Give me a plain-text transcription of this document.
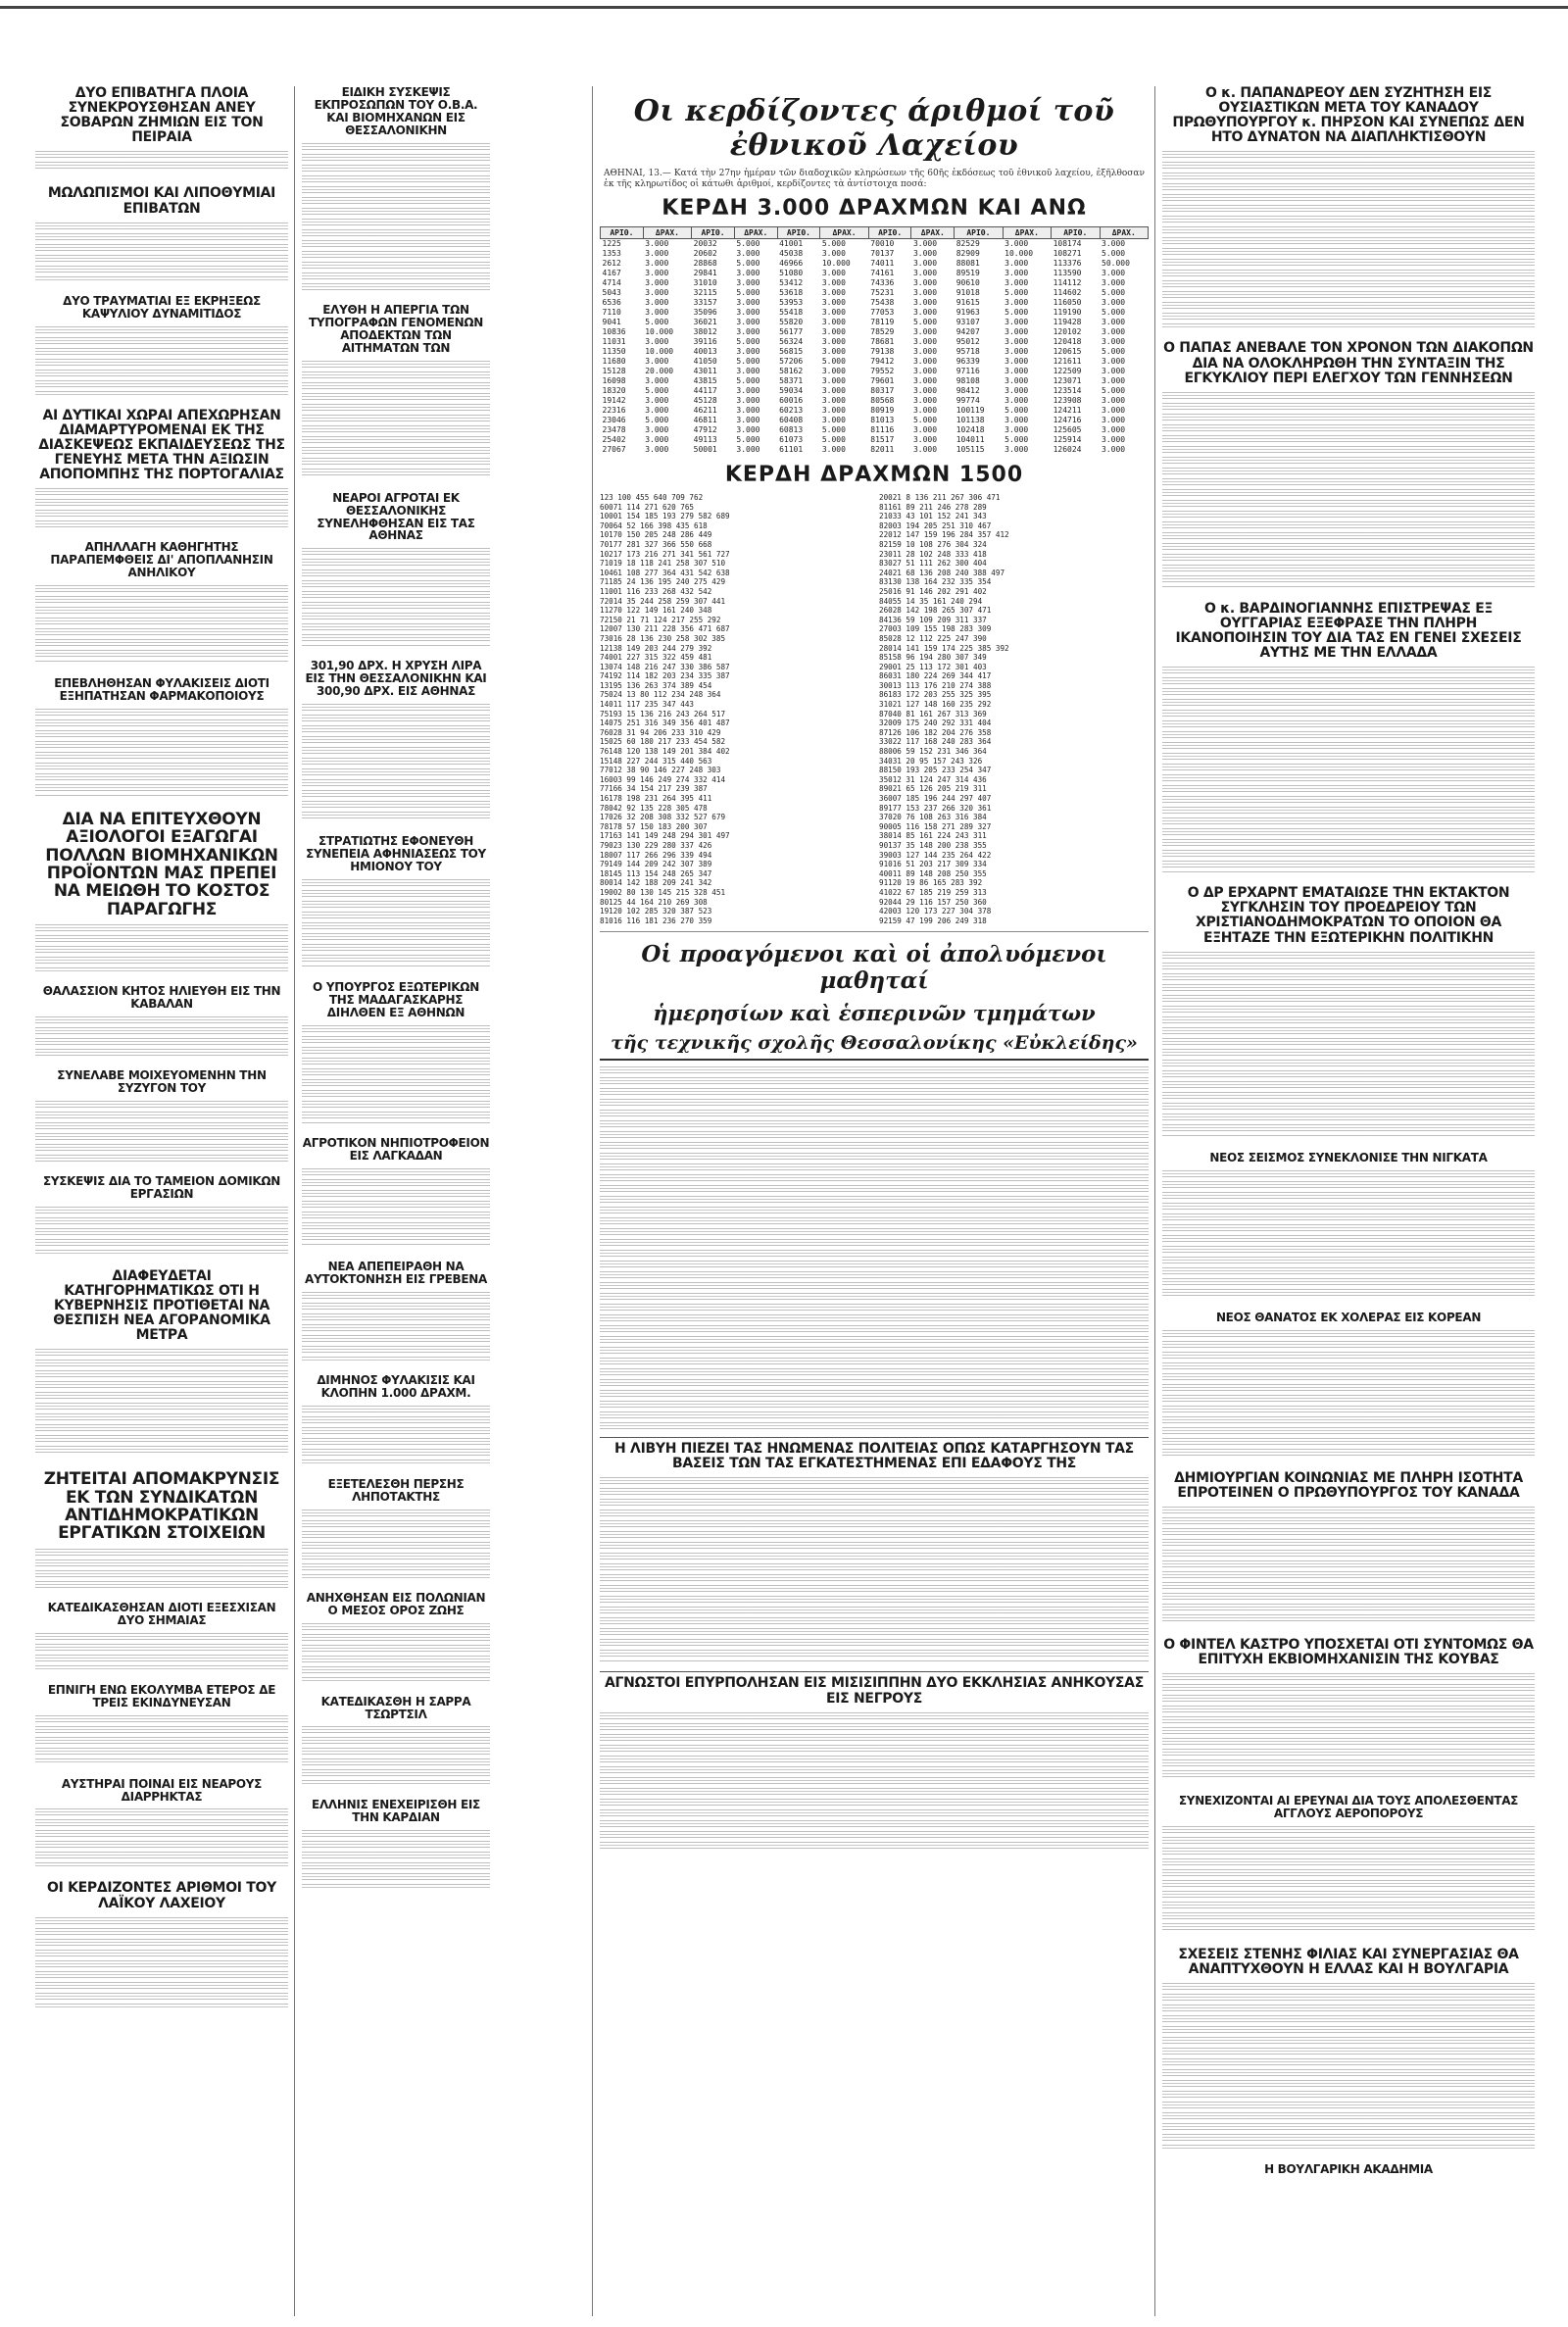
ΔΥΟ ΕΠΙΒΑΤΗΓΑ ΠΛΟΙΑ ΣΥΝΕΚΡΟΥΣΘΗΣΑΝ ΑΝΕΥ ΣΟΒΑΡΩΝ ΖΗΜΙΩΝ ΕΙΣ ΤΟΝ ΠΕΙΡΑΙΑ
ΜΩΛΩΠΙΣΜΟΙ ΚΑΙ ΛΙΠΟΘΥΜΙΑΙ ΕΠΙΒΑΤΩΝ
ΔΥΟ ΤΡΑΥΜΑΤΙΑΙ ΕΞ ΕΚΡΗΞΕΩΣ ΚΑΨΥΛΙΟΥ ΔΥΝΑΜΙΤΙΔΟΣ
ΑΙ ΔΥΤΙΚΑΙ ΧΩΡΑΙ ΑΠΕΧΩΡΗΣΑΝ ΔΙΑΜΑΡΤΥΡΟΜΕΝΑΙ ΕΚ ΤΗΣ ΔΙΑΣΚΕΨΕΩΣ ΕΚΠΑΙΔΕΥΣΕΩΣ ΤΗΣ ΓΕΝΕΥΗΣ ΜΕΤΑ ΤΗΝ ΑΞΙΩΣΙΝ ΑΠΟΠΟΜΠΗΣ ΤΗΣ ΠΟΡΤΟΓΑΛΙΑΣ
ΑΠΗΛΛΑΓΗ ΚΑΘΗΓΗΤΗΣ ΠΑΡΑΠΕΜΦΘΕΙΣ ΔΙ' ΑΠΟΠΛΑΝΗΣΙΝ ΑΝΗΛΙΚΟΥ
ΕΠΕΒΛΗΘΗΣΑΝ ΦΥΛΑΚΙΣΕΙΣ ΔΙΟΤΙ ΕΞΗΠΑΤΗΣΑΝ ΦΑΡΜΑΚΟΠΟΙΟΥΣ
ΔΙΑ ΝΑ ΕΠΙΤΕΥΧΘΟΥΝ ΑΞΙΟΛΟΓΟΙ ΕΞΑΓΩΓΑΙ ΠΟΛΛΩΝ ΒΙΟΜΗΧΑΝΙΚΩΝ ΠΡΟΪΟΝΤΩΝ ΜΑΣ ΠΡΕΠΕΙ ΝΑ ΜΕΙΩΘΗ ΤΟ ΚΟΣΤΟΣ ΠΑΡΑΓΩΓΗΣ
ΘΑΛΑΣΣΙΟΝ ΚΗΤΟΣ ΗΛΙΕΥΘΗ ΕΙΣ ΤΗΝ ΚΑΒΑΛΑΝ
ΣΥΝΕΛΑΒΕ ΜΟΙΧΕΥΟΜΕΝΗΝ ΤΗΝ ΣΥΖΥΓΟΝ ΤΟΥ
ΣΥΣΚΕΨΙΣ ΔΙΑ ΤΟ ΤΑΜΕΙΟΝ ΔΟΜΙΚΩΝ ΕΡΓΑΣΙΩΝ
ΔΙΑΦΕΥΔΕΤΑΙ ΚΑΤΗΓΟΡΗΜΑΤΙΚΩΣ ΟΤΙ Η ΚΥΒΕΡΝΗΣΙΣ ΠΡΟΤΙΘΕΤΑΙ ΝΑ ΘΕΣΠΙΣΗ ΝΕΑ ΑΓΟΡΑΝΟΜΙΚΑ ΜΕΤΡΑ
ΖΗΤΕΙΤΑΙ ΑΠΟΜΑΚΡΥΝΣΙΣ ΕΚ ΤΩΝ ΣΥΝΔΙΚΑΤΩΝ ΑΝΤΙΔΗΜΟΚΡΑΤΙΚΩΝ ΕΡΓΑΤΙΚΩΝ ΣΤΟΙΧΕΙΩΝ
ΚΑΤΕΔΙΚΑΣΘΗΣΑΝ ΔΙΟΤΙ ΕΞΕΣΧΙΣΑΝ ΔΥΟ ΣΗΜΑΙΑΣ
ΕΠΝΙΓΗ ΕΝΩ ΕΚΟΛΥΜΒΑ ΕΤΕΡΟΣ ΔΕ ΤΡΕΙΣ ΕΚΙΝΔΥΝΕΥΣΑΝ
ΑΥΣΤΗΡΑΙ ΠΟΙΝΑΙ ΕΙΣ ΝΕΑΡΟΥΣ ΔΙΑΡΡΗΚΤΑΣ
ΟΙ ΚΕΡΔΙΖΟΝΤΕΣ ΑΡΙΘΜΟΙ ΤΟΥ ΛΑΪΚΟΥ ΛΑΧΕΙΟΥ
ΕΙΔΙΚΗ ΣΥΣΚΕΨΙΣ ΕΚΠΡΟΣΩΠΩΝ ΤΟΥ Ο.Β.Α. ΚΑΙ ΒΙΟΜΗΧΑΝΩΝ ΕΙΣ ΘΕΣΣΑΛΟΝΙΚΗΝ
ΕΛΥΘΗ Η ΑΠΕΡΓΙΑ ΤΩΝ ΤΥΠΟΓΡΑΦΩΝ ΓΕΝΟΜΕΝΩΝ ΑΠΟΔΕΚΤΩΝ ΤΩΝ ΑΙΤΗΜΑΤΩΝ ΤΩΝ
ΝΕΑΡΟΙ ΑΓΡΟΤΑΙ ΕΚ ΘΕΣΣΑΛΟΝΙΚΗΣ ΣΥΝΕΛΗΦΘΗΣΑΝ ΕΙΣ ΤΑΣ ΑΘΗΝΑΣ
301,90 ΔΡΧ. Η ΧΡΥΣΗ ΛΙΡΑ ΕΙΣ ΤΗΝ ΘΕΣΣΑΛΟΝΙΚΗΝ ΚΑΙ 300,90 ΔΡΧ. ΕΙΣ ΑΘΗΝΑΣ
ΣΤΡΑΤΙΩΤΗΣ ΕΦΟΝΕΥΘΗ ΣΥΝΕΠΕΙΑ ΑΦΗΝΙΑΣΕΩΣ ΤΟΥ ΗΜΙΟΝΟΥ ΤΟΥ
Ο ΥΠΟΥΡΓΟΣ ΕΞΩΤΕΡΙΚΩΝ ΤΗΣ ΜΑΔΑΓΑΣΚΑΡΗΣ ΔΙΗΛΘΕΝ ΕΞ ΑΘΗΝΩΝ
ΑΓΡΟΤΙΚΟΝ ΝΗΠΙΟΤΡΟΦΕΙΟΝ ΕΙΣ ΛΑΓΚΑΔΑΝ
ΝΕΑ ΑΠΕΠΕΙΡΑΘΗ ΝΑ ΑΥΤΟΚΤΟΝΗΣΗ ΕΙΣ ΓΡΕΒΕΝΑ
ΔΙΜΗΝΟΣ ΦΥΛΑΚΙΣΙΣ ΚΑΙ ΚΛΟΠΗΝ 1.000 ΔΡΑΧΜ.
ΕΞΕΤΕΛΕΣΘΗ ΠΕΡΣΗΣ ΛΗΠΟΤΑΚΤΗΣ
ΑΝΗΧΘΗΣΑΝ ΕΙΣ ΠΟΛΩΝΙΑΝ Ο ΜΕΣΟΣ ΟΡΟΣ ΖΩΗΣ
ΚΑΤΕΔΙΚΑΣΘΗ Η ΣΑΡΡΑ ΤΣΩΡΤΣΙΛ
ΕΛΛΗΝΙΣ ΕΝΕΧΕΙΡΙΣΘΗ ΕΙΣ ΤΗΝ ΚΑΡΔΙΑΝ
Οι κερδίζοντες άριθμοί τοῦ ἐθνικοῦ Λαχείου
ΑΘΗΝΑΙ, 13.— Κατά τὴν 27ην ἡμέραν τῶν διαδοχικῶν κληρώσεων τῆς 60ῆς ἐκδόσεως τοῦ ἐθνικοῦ λαχείου, ἐξῆλθοσαν ἐκ τῆς κληρωτίδος οἱ κάτωθι ἀριθμοί, κερδίζοντες τὰ ἀντίστοιχα ποσά:
ΚΕΡΔΗ 3.000 ΔΡΑΧΜΩΝ ΚΑΙ ΑΝΩ
ΑΡΙΘ.	ΔΡΑΧ.	ΑΡΙΘ.	ΔΡΑΧ.	ΑΡΙΘ.	ΔΡΑΧ.	ΑΡΙΘ.	ΔΡΑΧ.	ΑΡΙΘ.	ΔΡΑΧ.	ΑΡΙΘ.	ΔΡΑΧ.
1225	3.000	20032	5.000	41001	5.000	70010	3.000	82529	3.000	108174	3.000
1353	3.000	20602	3.000	45038	3.000	70137	3.000	82909	10.000	108271	5.000
2612	3.000	28868	5.000	46966	10.000	74011	3.000	88081	3.000	113376	50.000
4167	3.000	29841	3.000	51080	3.000	74161	3.000	89519	3.000	113590	3.000
4714	3.000	31010	3.000	53412	3.000	74336	3.000	90610	3.000	114112	3.000
5043	3.000	32115	5.000	53618	3.000	75231	3.000	91018	5.000	114602	5.000
6536	3.000	33157	3.000	53953	3.000	75438	3.000	91615	3.000	116050	3.000
7110	3.000	35096	3.000	55418	3.000	77053	3.000	91963	5.000	119190	5.000
9041	5.000	36021	3.000	55820	3.000	78119	5.000	93107	3.000	119428	3.000
10836	10.000	38012	3.000	56177	3.000	78529	3.000	94207	3.000	120102	3.000
11031	3.000	39116	5.000	56324	3.000	78681	3.000	95012	3.000	120418	3.000
11350	10.000	40013	3.000	56815	3.000	79138	3.000	95718	3.000	120615	5.000
11680	3.000	41050	5.000	57206	5.000	79412	3.000	96339	3.000	121611	3.000
15128	20.000	43011	3.000	58162	3.000	79552	3.000	97116	3.000	122509	3.000
16098	3.000	43815	5.000	58371	3.000	79601	3.000	98108	3.000	123071	3.000
18320	5.000	44117	3.000	59034	3.000	80317	3.000	98412	3.000	123514	5.000
19142	3.000	45128	3.000	60016	3.000	80568	3.000	99774	3.000	123908	3.000
22316	3.000	46211	3.000	60213	3.000	80919	3.000	100119	5.000	124211	3.000
23046	5.000	46811	3.000	60408	3.000	81013	5.000	101138	3.000	124716	3.000
23478	3.000	47912	3.000	60813	5.000	81116	3.000	102418	3.000	125605	3.000
25402	3.000	49113	5.000	61073	5.000	81517	3.000	104011	5.000	125914	3.000
27067	3.000	50001	3.000	61101	3.000	82011	3.000	105115	3.000	126024	3.000
ΚΕΡΔΗ ΔΡΑΧΜΩΝ 1500
123 100 455 640 709 762
60071 114 271 620 765
10001 154 185 193 279 582 689
70064 52 166 398 435 618
10170 150 205 248 286 449
70177 281 327 366 550 668
10217 173 216 271 341 561 727
71019 18 118 241 258 307 510
10461 108 277 364 431 542 638
71185 24 136 195 240 275 429
11001 116 233 268 432 542
72014 35 244 258 259 307 441
11270 122 149 161 240 348
72150 21 71 124 217 255 292
12007 130 211 228 356 471 687
73016 28 136 230 258 302 385
12138 149 203 244 279 392
74001 227 315 322 459 481
13074 148 216 247 330 386 587
74192 114 182 203 234 335 387
13195 136 263 374 389 454
75024 13 80 112 234 248 364
14011 117 235 347 443
75193 15 136 216 243 264 517
14075 251 316 349 356 401 487
76028 31 94 206 233 310 429
15025 60 180 217 233 454 582
76148 120 138 149 201 384 402
15148 227 244 315 440 563
77012 38 90 146 227 248 303
16003 99 146 249 274 332 414
77166 34 154 217 239 387
16178 198 231 264 395 411
78042 92 135 228 305 478
17026 32 208 308 332 527 679
78178 57 150 183 200 307
17163 141 149 248 294 301 497
79023 130 229 280 337 426
18007 117 266 296 339 494
79149 144 209 242 307 389
18145 113 154 248 265 347
80014 142 188 209 241 342
19002 80 130 145 215 328 451
80125 44 164 210 269 308
19120 102 285 320 387 523
81016 116 181 236 270 359
20021 8 136 211 267 306 471
81161 89 211 246 278 289
21033 43 101 152 241 343
82003 194 205 251 310 467
22012 147 159 196 284 357 412
82159 10 108 276 304 324
23011 28 102 248 333 418
83027 51 111 262 300 404
24021 68 136 208 240 388 497
83130 138 164 232 335 354
25016 91 146 202 291 402
84055 14 35 161 240 294
26028 142 198 265 307 471
84136 59 109 209 311 337
27003 109 155 198 283 309
85028 12 112 225 247 390
28014 141 159 174 225 385 392
85158 96 194 280 307 349
29001 25 113 172 301 403
86031 180 224 269 344 417
30013 113 176 210 274 388
86183 172 203 255 325 395
31021 127 148 160 235 292
87040 81 161 267 313 369
32009 175 240 292 331 404
87126 106 182 204 276 358
33022 117 168 240 283 364
88006 59 152 231 346 364
34031 20 95 157 243 326
88150 193 205 233 254 347
35012 31 124 247 314 436
89021 65 126 205 219 311
36007 185 196 244 297 407
89177 153 237 266 320 361
37020 76 108 263 316 384
90005 116 158 271 289 327
38014 85 161 224 243 311
90137 35 148 200 238 355
39003 127 144 235 264 422
91016 51 203 217 309 334
40011 89 148 208 250 355
91120 19 86 165 283 392
41022 67 185 219 259 313
92044 29 116 157 250 360
42003 120 173 227 304 378
92159 47 199 206 249 318
Οἱ προαγόμενοι καὶ οἱ ἀπολυόμενοι μαθηταί
ἡμερησίων καὶ ἑσπερινῶν τμημάτων
τῆς τεχνικῆς σχολῆς Θεσσαλονίκης «Εὐκλείδης»
Η ΛΙΒΥΗ ΠΙΕΖΕΙ ΤΑΣ ΗΝΩΜΕΝΑΣ ΠΟΛΙΤΕΙΑΣ ΟΠΩΣ ΚΑΤΑΡΓΗΣΟΥΝ ΤΑΣ ΒΑΣΕΙΣ ΤΩΝ ΤΑΣ ΕΓΚΑΤΕΣΤΗΜΕΝΑΣ ΕΠΙ ΕΔΑΦΟΥΣ ΤΗΣ
ΑΓΝΩΣΤΟΙ ΕΠΥΡΠΟΛΗΣΑΝ ΕΙΣ ΜΙΣΙΣΙΠΠΗΝ ΔΥΟ ΕΚΚΛΗΣΙΑΣ ΑΝΗΚΟΥΣΑΣ ΕΙΣ ΝΕΓΡΟΥΣ
Ο κ. ΠΑΠΑΝΔΡΕΟΥ ΔΕΝ ΣΥΖΗΤΗΣΗ ΕΙΣ ΟΥΣΙΑΣΤΙΚΩΝ ΜΕΤΑ ΤΟΥ ΚΑΝΑΔΟΥ ΠΡΩΘΥΠΟΥΡΓΟΥ κ. ΠΗΡΣΟΝ ΚΑΙ ΣΥΝΕΠΩΣ ΔΕΝ ΗΤΟ ΔΥΝΑΤΟΝ ΝΑ ΔΙΑΠΛΗΚΤΙΣΘΟΥΝ
Ο ΠΑΠΑΣ ΑΝΕΒΑΛΕ ΤΟΝ ΧΡΟΝΟΝ ΤΩΝ ΔΙΑΚΟΠΩΝ ΔΙΑ ΝΑ ΟΛΟΚΛΗΡΩΘΗ ΤΗΝ ΣΥΝΤΑΞΙΝ ΤΗΣ ΕΓΚΥΚΛΙΟΥ ΠΕΡΙ ΕΛΕΓΧΟΥ ΤΩΝ ΓΕΝΝΗΣΕΩΝ
Ο κ. ΒΑΡΔΙΝΟΓΙΑΝΝΗΣ ΕΠΙΣΤΡΕΨΑΣ ΕΞ ΟΥΓΓΑΡΙΑΣ ΕΞΕΦΡΑΣΕ ΤΗΝ ΠΛΗΡΗ ΙΚΑΝΟΠΟΙΗΣΙΝ ΤΟΥ ΔΙΑ ΤΑΣ ΕΝ ΓΕΝΕΙ ΣΧΕΣΕΙΣ ΑΥΤΗΣ ΜΕ ΤΗΝ ΕΛΛΑΔΑ
Ο ΔΡ ΕΡΧΑΡΝΤ ΕΜΑΤΑΙΩΣΕ ΤΗΝ ΕΚΤΑΚΤΟΝ ΣΥΓΚΛΗΣΙΝ ΤΟΥ ΠΡΟΕΔΡΕΙΟΥ ΤΩΝ ΧΡΙΣΤΙΑΝΟΔΗΜΟΚΡΑΤΩΝ ΤΟ ΟΠΟΙΟΝ ΘΑ ΕΞΗΤΑΖΕ ΤΗΝ ΕΞΩΤΕΡΙΚΗΝ ΠΟΛΙΤΙΚΗΝ
ΝΕΟΣ ΣΕΙΣΜΟΣ ΣΥΝΕΚΛΟΝΙΣΕ ΤΗΝ ΝΙΓΚΑΤΑ
ΝΕΟΣ ΘΑΝΑΤΟΣ ΕΚ ΧΟΛΕΡΑΣ ΕΙΣ ΚΟΡΕΑΝ
ΔΗΜΙΟΥΡΓΙΑΝ ΚΟΙΝΩΝΙΑΣ ΜΕ ΠΛΗΡΗ ΙΣΟΤΗΤΑ ΕΠΡΟΤΕΙΝΕΝ Ο ΠΡΩΘΥΠΟΥΡΓΟΣ ΤΟΥ ΚΑΝΑΔΑ
Ο ΦΙΝΤΕΛ ΚΑΣΤΡΟ ΥΠΟΣΧΕΤΑΙ ΟΤΙ ΣΥΝΤΟΜΩΣ ΘΑ ΕΠΙΤΥΧΗ ΕΚΒΙΟΜΗΧΑΝΙΣΙΝ ΤΗΣ ΚΟΥΒΑΣ
ΣΥΝΕΧΙΖΟΝΤΑΙ ΑΙ ΕΡΕΥΝΑΙ ΔΙΑ ΤΟΥΣ ΑΠΟΛΕΣΘΕΝΤΑΣ ΑΓΓΛΟΥΣ ΑΕΡΟΠΟΡΟΥΣ
ΣΧΕΣΕΙΣ ΣΤΕΝΗΣ ΦΙΛΙΑΣ ΚΑΙ ΣΥΝΕΡΓΑΣΙΑΣ ΘΑ ΑΝΑΠΤΥΧΘΟΥΝ Η ΕΛΛΑΣ ΚΑΙ Η ΒΟΥΛΓΑΡΙΑ
Η ΒΟΥΛΓΑΡΙΚΗ ΑΚΑΔΗΜΙΑ
